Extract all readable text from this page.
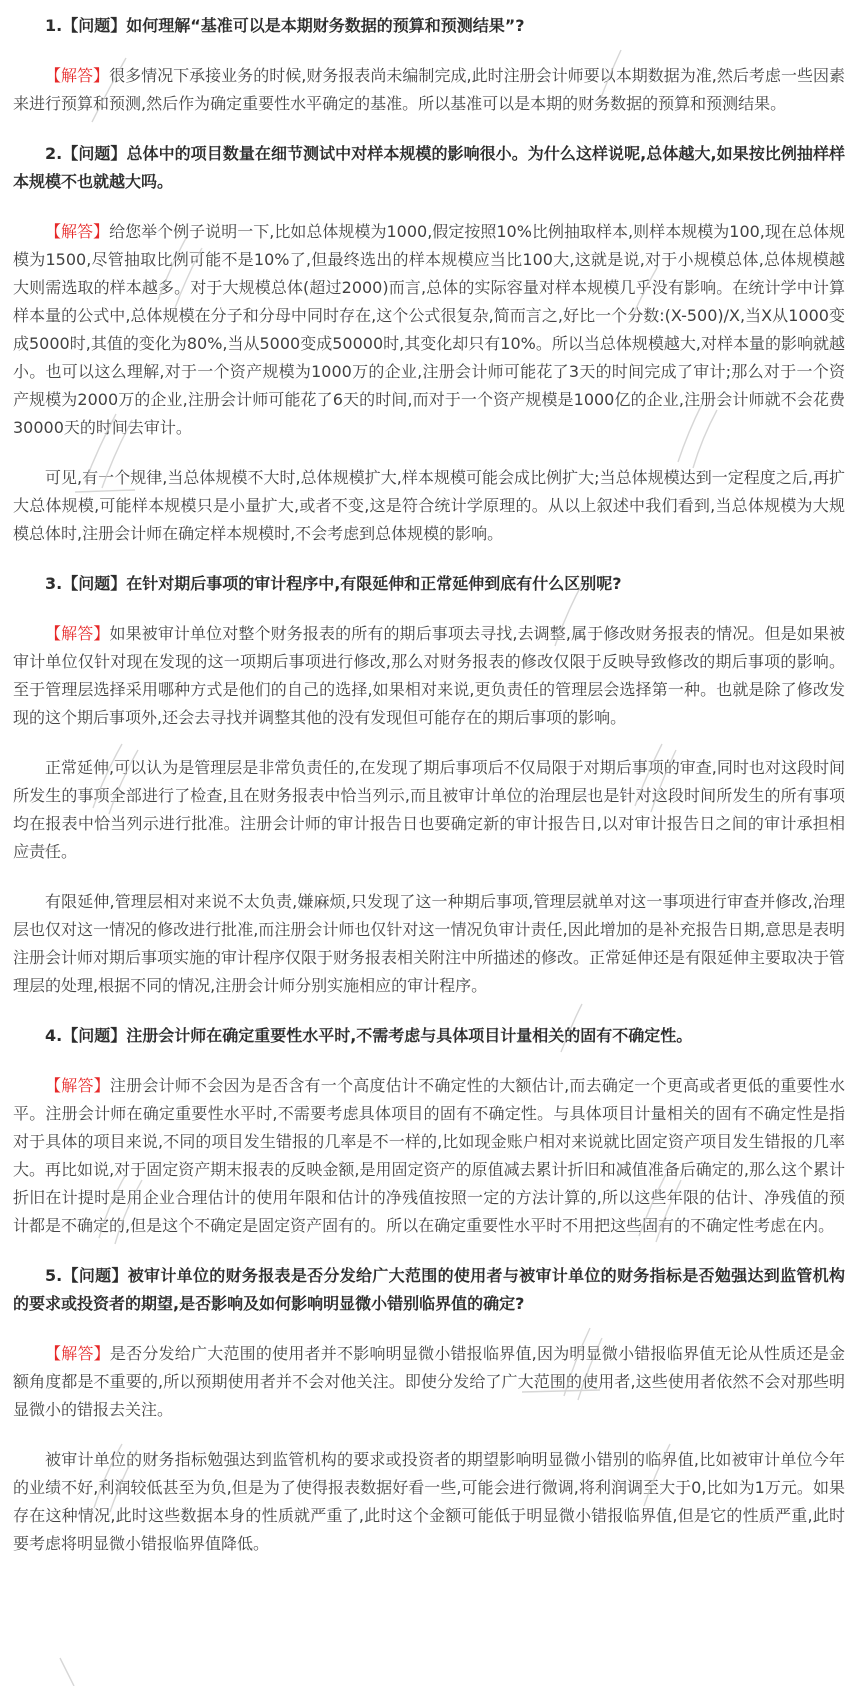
1.【问题】如何理解“基准可以是本期财务数据的预算和预测结果”?

【解答】很多情况下承接业务的时候,财务报表尚未编制完成,此时注册会计师要以本期数据为准,然后考虑一些因素来进行预算和预测,然后作为确定重要性水平确定的基准。所以基准可以是本期的财务数据的预算和预测结果。

2.【问题】总体中的项目数量在细节测试中对样本规模的影响很小。为什么这样说呢,总体越大,如果按比例抽样样本规模不也就越大吗。

【解答】给您举个例子说明一下,比如总体规模为1000,假定按照10%比例抽取样本,则样本规模为100,现在总体规模为1500,尽管抽取比例可能不是10%了,但最终选出的样本规模应当比100大,这就是说,对于小规模总体,总体规模越大则需选取的样本越多。对于大规模总体(超过2000)而言,总体的实际容量对样本规模几乎没有影响。在统计学中计算样本量的公式中,总体规模在分子和分母中同时存在,这个公式很复杂,简而言之,好比一个分数:(X-500)/X,当X从1000变成5000时,其值的变化为80%,当从5000变成50000时,其变化却只有10%。所以当总体规模越大,对样本量的影响就越小。也可以这么理解,对于一个资产规模为1000万的企业,注册会计师可能花了3天的时间完成了审计;那么对于一个资产规模为2000万的企业,注册会计师可能花了6天的时间,而对于一个资产规模是1000亿的企业,注册会计师就不会花费30000天的时间去审计。

可见,有一个规律,当总体规模不大时,总体规模扩大,样本规模可能会成比例扩大;当总体规模达到一定程度之后,再扩大总体规模,可能样本规模只是小量扩大,或者不变,这是符合统计学原理的。从以上叙述中我们看到,当总体规模为大规模总体时,注册会计师在确定样本规模时,不会考虑到总体规模的影响。

3.【问题】在针对期后事项的审计程序中,有限延伸和正常延伸到底有什么区别呢?

【解答】如果被审计单位对整个财务报表的所有的期后事项去寻找,去调整,属于修改财务报表的情况。但是如果被审计单位仅针对现在发现的这一项期后事项进行修改,那么对财务报表的修改仅限于反映导致修改的期后事项的影响。至于管理层选择采用哪种方式是他们的自己的选择,如果相对来说,更负责任的管理层会选择第一种。也就是除了修改发现的这个期后事项外,还会去寻找并调整其他的没有发现但可能存在的期后事项的影响。

正常延伸,可以认为是管理层是非常负责任的,在发现了期后事项后不仅局限于对期后事项的审查,同时也对这段时间所发生的事项全部进行了检查,且在财务报表中恰当列示,而且被审计单位的治理层也是针对这段时间所发生的所有事项均在报表中恰当列示进行批准。注册会计师的审计报告日也要确定新的审计报告日,以对审计报告日之间的审计承担相应责任。

有限延伸,管理层相对来说不太负责,嫌麻烦,只发现了这一种期后事项,管理层就单对这一事项进行审查并修改,治理层也仅对这一情况的修改进行批准,而注册会计师也仅针对这一情况负审计责任,因此增加的是补充报告日期,意思是表明注册会计师对期后事项实施的审计程序仅限于财务报表相关附注中所描述的修改。正常延伸还是有限延伸主要取决于管理层的处理,根据不同的情况,注册会计师分别实施相应的审计程序。

4.【问题】注册会计师在确定重要性水平时,不需考虑与具体项目计量相关的固有不确定性。

【解答】注册会计师不会因为是否含有一个高度估计不确定性的大额估计,而去确定一个更高或者更低的重要性水平。注册会计师在确定重要性水平时,不需要考虑具体项目的固有不确定性。与具体项目计量相关的固有不确定性是指对于具体的项目来说,不同的项目发生错报的几率是不一样的,比如现金账户相对来说就比固定资产项目发生错报的几率大。再比如说,对于固定资产期末报表的反映金额,是用固定资产的原值减去累计折旧和减值准备后确定的,那么这个累计折旧在计提时是用企业合理估计的使用年限和估计的净残值按照一定的方法计算的,所以这些年限的估计、净残值的预计都是不确定的,但是这个不确定是固定资产固有的。所以在确定重要性水平时不用把这些固有的不确定性考虑在内。

5.【问题】被审计单位的财务报表是否分发给广大范围的使用者与被审计单位的财务指标是否勉强达到监管机构的要求或投资者的期望,是否影响及如何影响明显微小错别临界值的确定?

【解答】是否分发给广大范围的使用者并不影响明显微小错报临界值,因为明显微小错报临界值无论从性质还是金额角度都是不重要的,所以预期使用者并不会对他关注。即使分发给了广大范围的使用者,这些使用者依然不会对那些明显微小的错报去关注。

被审计单位的财务指标勉强达到监管机构的要求或投资者的期望影响明显微小错别的临界值,比如被审计单位今年的业绩不好,利润较低甚至为负,但是为了使得报表数据好看一些,可能会进行微调,将利润调至大于0,比如为1万元。如果存在这种情况,此时这些数据本身的性质就严重了,此时这个金额可能低于明显微小错报临界值,但是它的性质严重,此时要考虑将明显微小错报临界值降低。
